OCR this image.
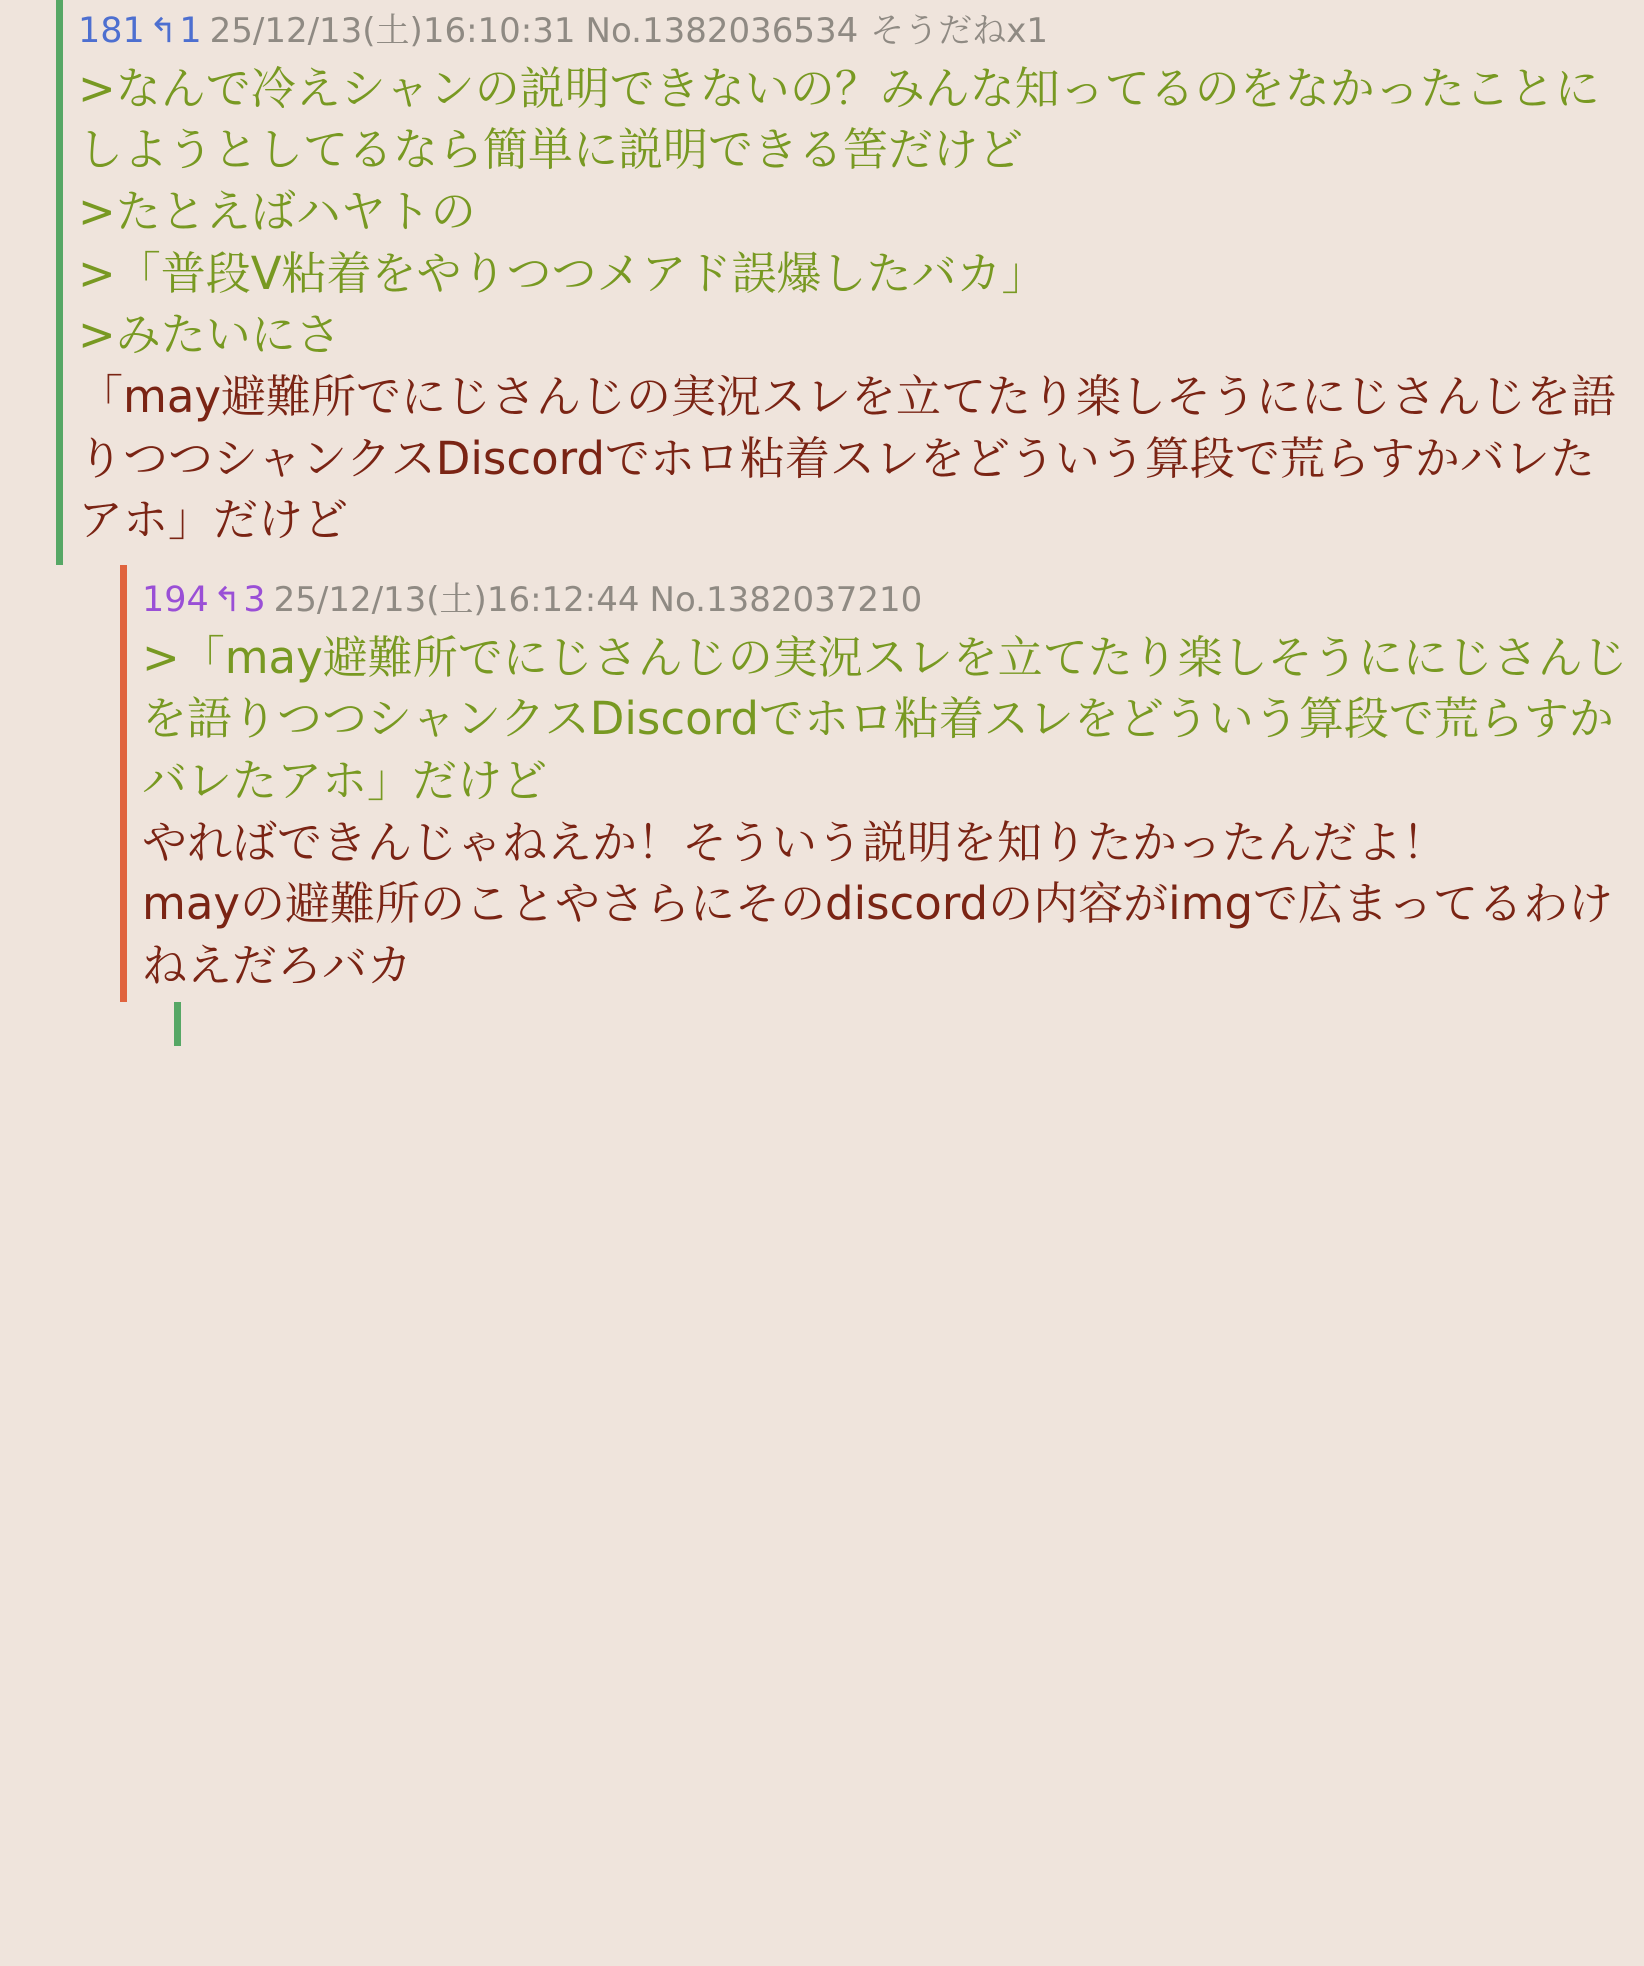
181 ↰1 25/12/13(土)16:10:31 No.1382036534 そうだねx1
>なんで冷えシャンの説明できないの？みんな知ってるのをなかったことにしようとしてるなら簡単に説明できる筈だけど
>たとえばハヤトの
>「普段V粘着をやりつつメアド誤爆したバカ」
>みたいにさ
「may避難所でにじさんじの実況スレを立てたり楽しそうににじさんじを語りつつシャンクスDiscordでホロ粘着スレをどういう算段で荒らすかバレたアホ」だけど
194 ↰3 25/12/13(土)16:12:44 No.1382037210
>「may避難所でにじさんじの実況スレを立てたり楽しそうににじさんじを語りつつシャンクスDiscordでホロ粘着スレをどういう算段で荒らすかバレたアホ」だけど
やればできんじゃねえか！そういう説明を知りたかったんだよ！
mayの避難所のことやさらにそのdiscordの内容がimgで広まってるわけねえだろバカ
